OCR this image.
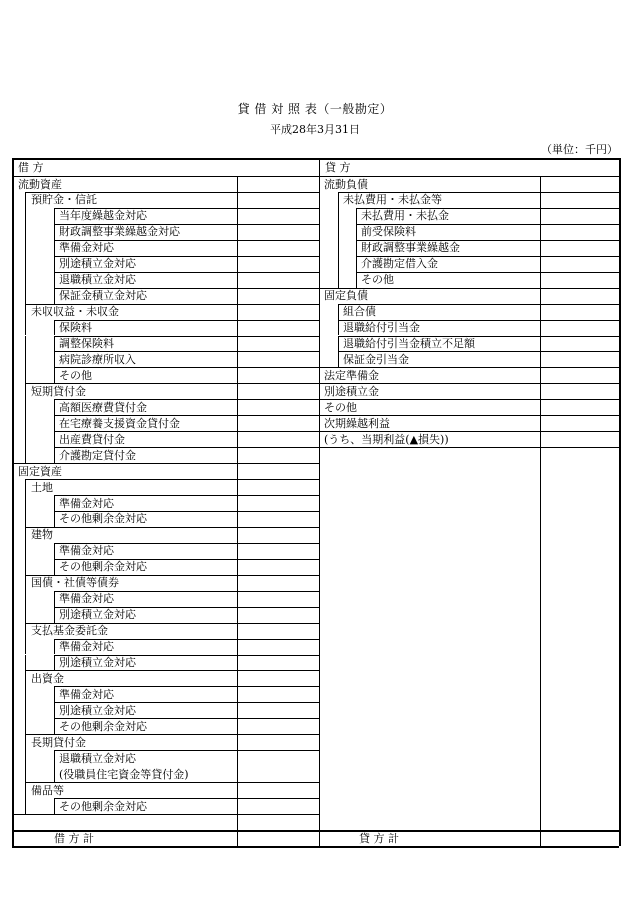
貸 借 対 照 表（一般勘定）
平成28年3月31日
（単位：千円）
借 方	貸 方
流動資産
預貯金・信託
当年度繰越金対応
財政調整事業繰越金対応
準備金対応
別途積立金対応
退職積立金対応
保証金積立金対応
未収収益・未収金
保険料
調整保険料
病院診療所収入
その他
短期貸付金
高額医療費貸付金
在宅療養支援資金貸付金
出産費貸付金
介護勘定貸付金
固定資産
土地
準備金対応
その他剰余金対応
建物
準備金対応
その他剰余金対応
国債・社債等債券
準備金対応
別途積立金対応
支払基金委託金
準備金対応
別途積立金対応
出資金
準備金対応
別途積立金対応
その他剰余金対応
長期貸付金
退職積立金対応
(役職員住宅資金等貸付金)
備品等
その他剰余金対応
流動負債
未払費用・未払金等
未払費用・未払金
前受保険料
財政調整事業繰越金
介護勘定借入金
その他
固定負債
組合債
退職給付引当金
退職給付引当金積立不足額
保証金引当金
法定準備金
別途積立金
その他
次期繰越利益
(うち、当期利益(▲損失))
借 方 計	貸 方 計
